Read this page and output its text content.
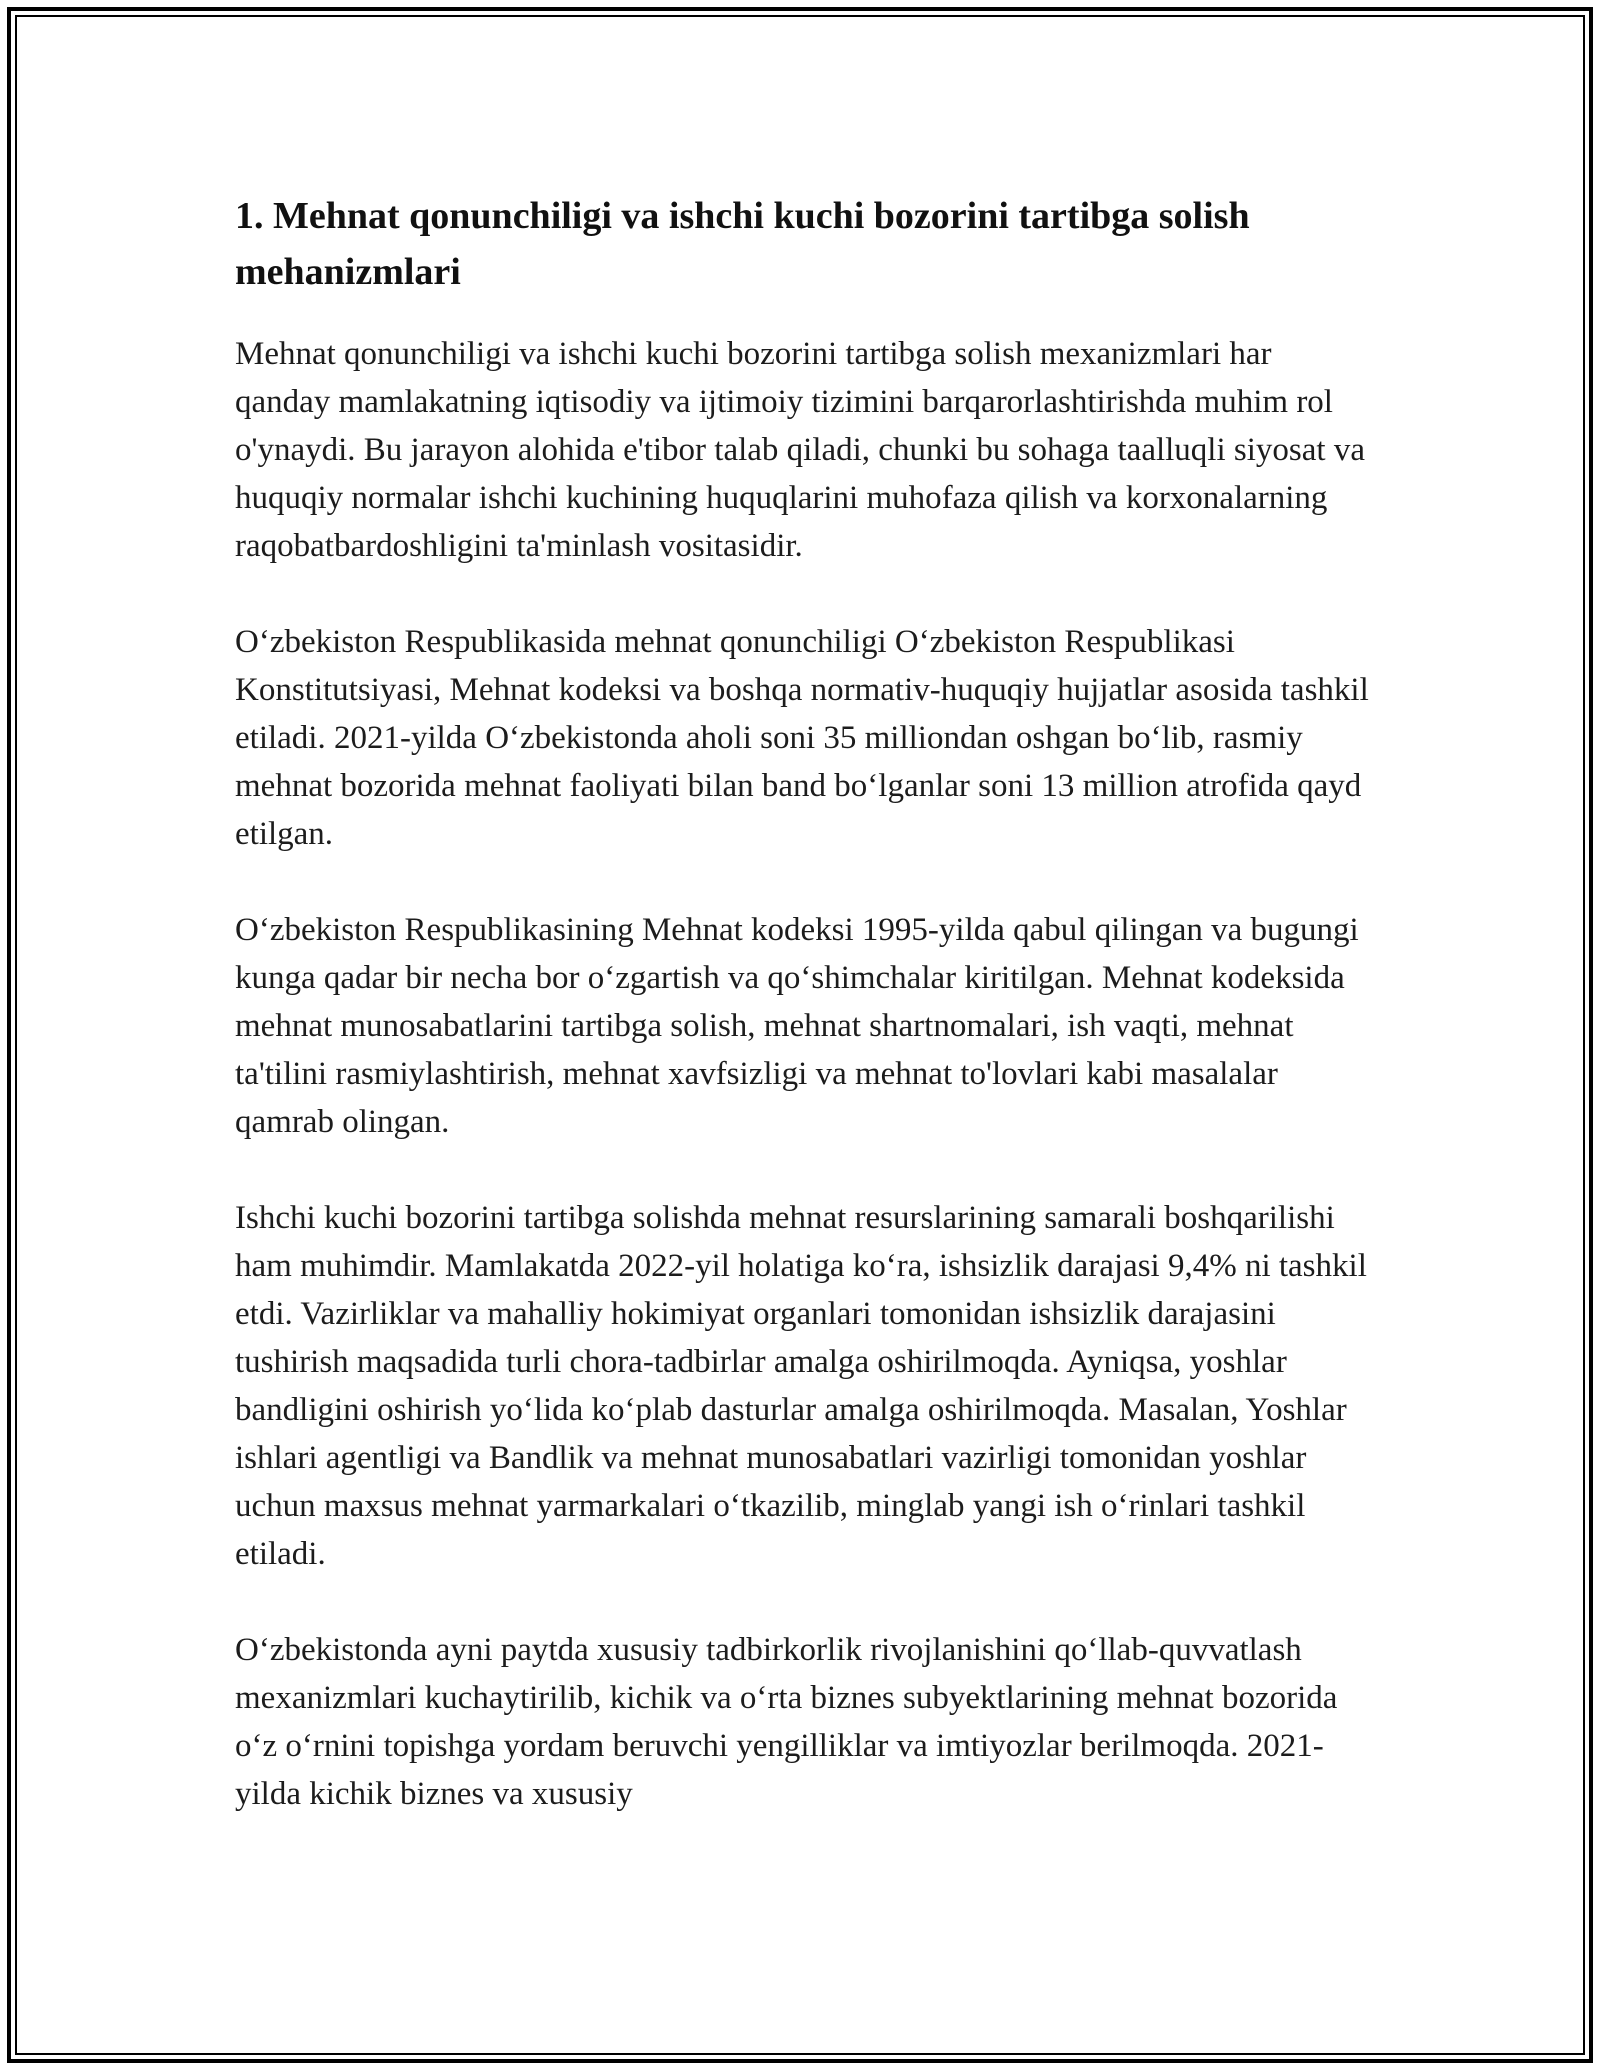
1. Mehnat qonunchiligi va ishchi kuchi bozorini tartibga solish mehanizmlari

Mehnat qonunchiligi va ishchi kuchi bozorini tartibga solish mexanizmlari har qanday mamlakatning iqtisodiy va ijtimoiy tizimini barqarorlashtirishda muhim rol o'ynaydi. Bu jarayon alohida e'tibor talab qiladi, chunki bu sohaga taalluqli siyosat va huquqiy normalar ishchi kuchining huquqlarini muhofaza qilish va korxonalarning raqobatbardoshligini ta'minlash vositasidir.

O‘zbekiston Respublikasida mehnat qonunchiligi O‘zbekiston Respublikasi Konstitutsiyasi, Mehnat kodeksi va boshqa normativ-huquqiy hujjatlar asosida tashkil etiladi. 2021-yilda O‘zbekistonda aholi soni 35 milliondan oshgan bo‘lib, rasmiy mehnat bozorida mehnat faoliyati bilan band bo‘lganlar soni 13 million atrofida qayd etilgan.

O‘zbekiston Respublikasining Mehnat kodeksi 1995-yilda qabul qilingan va bugungi kunga qadar bir necha bor o‘zgartish va qo‘shimchalar kiritilgan. Mehnat kodeksida mehnat munosabatlarini tartibga solish, mehnat shartnomalari, ish vaqti, mehnat ta'tilini rasmiylashtirish, mehnat xavfsizligi va mehnat to'lovlari kabi masalalar qamrab olingan.

Ishchi kuchi bozorini tartibga solishda mehnat resurslarining samarali boshqarilishi ham muhimdir. Mamlakatda 2022-yil holatiga ko‘ra, ishsizlik darajasi 9,4% ni tashkil etdi. Vazirliklar va mahalliy hokimiyat organlari tomonidan ishsizlik darajasini tushirish maqsadida turli chora-tadbirlar amalga oshirilmoqda. Ayniqsa, yoshlar bandligini oshirish yo‘lida ko‘plab dasturlar amalga oshirilmoqda. Masalan, Yoshlar ishlari agentligi va Bandlik va mehnat munosabatlari vazirligi tomonidan yoshlar uchun maxsus mehnat yarmarkalari o‘tkazilib, minglab yangi ish o‘rinlari tashkil etiladi.

O‘zbekistonda ayni paytda xususiy tadbirkorlik rivojlanishini qo‘llab-quvvatlash mexanizmlari kuchaytirilib, kichik va o‘rta biznes subyektlarining mehnat bozorida o‘z o‘rnini topishga yordam beruvchi yengilliklar va imtiyozlar berilmoqda. 2021-yilda kichik biznes va xususiy
